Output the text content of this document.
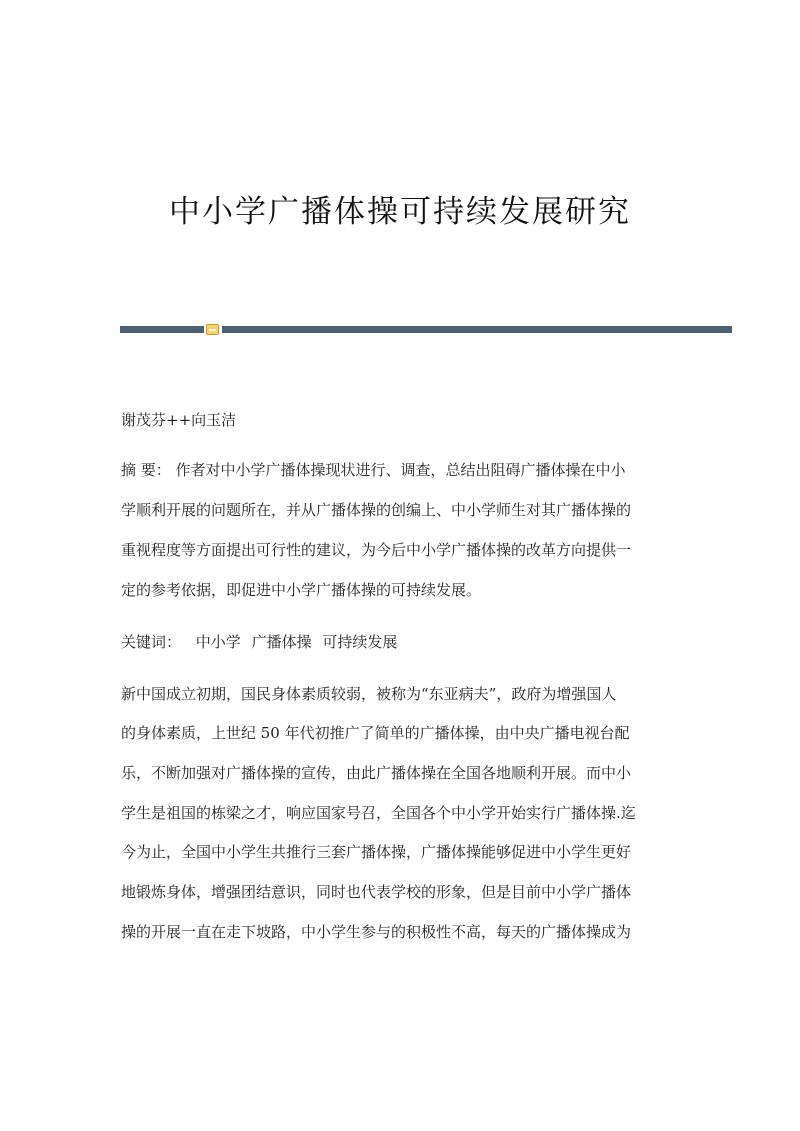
中小学广播体操可持续发展研究
谢茂芬++向玉洁
摘 要： 作者对中小学广播体操现状进行、调查，总结出阻碍广播体操在中小
学顺利开展的问题所在，并从广播体操的创编上、中小学师生对其广播体操的
重视程度等方面提出可行性的建议，为今后中小学广播体操的改革方向提供一
定的参考依据，即促进中小学广播体操的可持续发展。
关键词： 中小学 广播体操 可持续发展
新中国成立初期，国民身体素质较弱，被称为“东亚病夫”，政府为增强国人
的身体素质，上世纪 50 年代初推广了简单的广播体操，由中央广播电视台配
乐，不断加强对广播体操的宣传，由此广播体操在全国各地顺利开展。而中小
学生是祖国的栋梁之才，响应国家号召，全国各个中小学开始实行广播体操.迄
今为止，全国中小学生共推行三套广播体操，广播体操能够促进中小学生更好
地锻炼身体，增强团结意识，同时也代表学校的形象，但是目前中小学广播体
操的开展一直在走下坡路，中小学生参与的积极性不高，每天的广播体操成为
